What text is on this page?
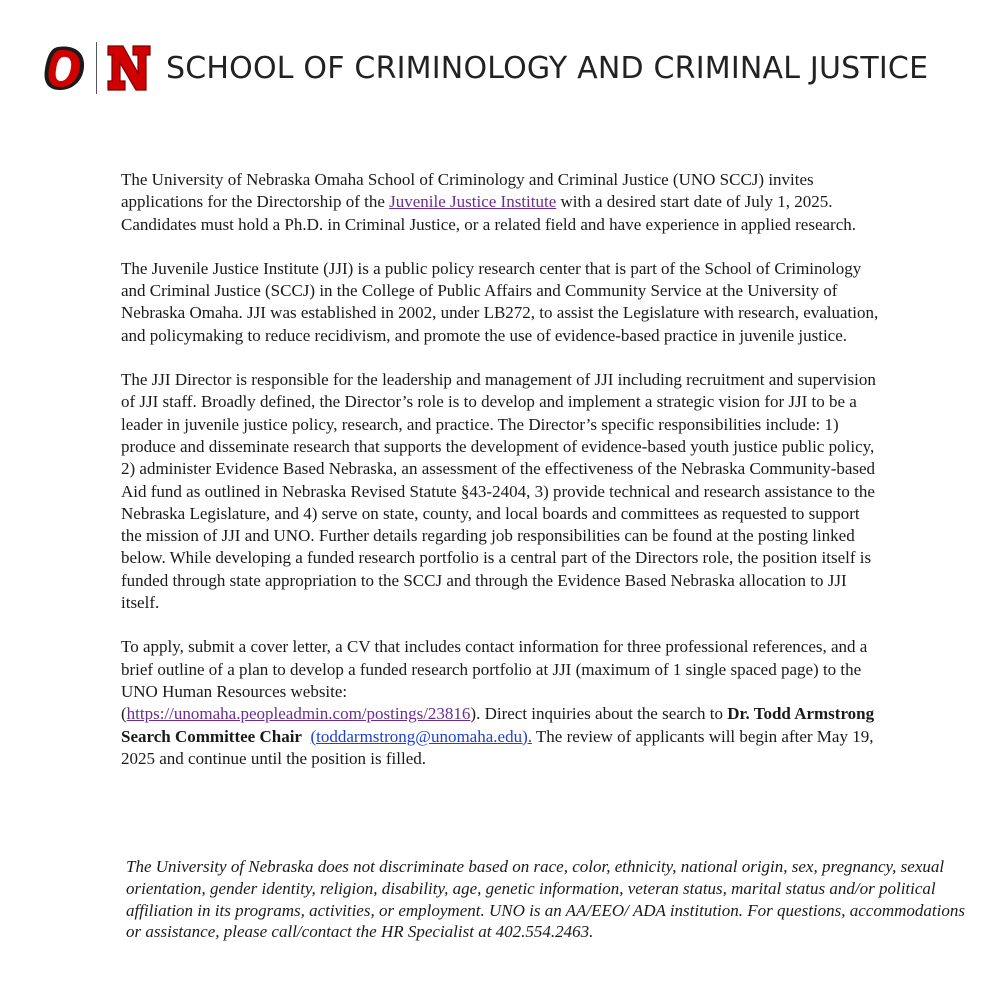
SCHOOL OF CRIMINOLOGY AND CRIMINAL JUSTICE

The University of Nebraska Omaha School of Criminology and Criminal Justice (UNO SCCJ) invites applications for the Directorship of the Juvenile Justice Institute with a desired start date of July 1, 2025. Candidates must hold a Ph.D. in Criminal Justice, or a related field and have experience in applied research.

The Juvenile Justice Institute (JJI) is a public policy research center that is part of the School of Criminology and Criminal Justice (SCCJ) in the College of Public Affairs and Community Service at the University of Nebraska Omaha. JJI was established in 2002, under LB272, to assist the Legislature with research, evaluation, and policymaking to reduce recidivism, and promote the use of evidence-based practice in juvenile justice.

The JJI Director is responsible for the leadership and management of JJI including recruitment and supervision of JJI staff. Broadly defined, the Director’s role is to develop and implement a strategic vision for JJI to be a leader in juvenile justice policy, research, and practice. The Director’s specific responsibilities include: 1) produce and disseminate research that supports the development of evidence-based youth justice public policy, 2) administer Evidence Based Nebraska, an assessment of the effectiveness of the Nebraska Community-based Aid fund as outlined in Nebraska Revised Statute §43-2404, 3) provide technical and research assistance to the Nebraska Legislature, and 4) serve on state, county, and local boards and committees as requested to support the mission of JJI and UNO. Further details regarding job responsibilities can be found at the posting linked below. While developing a funded research portfolio is a central part of the Directors role, the position itself is funded through state appropriation to the SCCJ and through the Evidence Based Nebraska allocation to JJI itself.

To apply, submit a cover letter, a CV that includes contact information for three professional references, and a brief outline of a plan to develop a funded research portfolio at JJI (maximum of 1 single spaced page) to the UNO Human Resources website:
(https://unomaha.peopleadmin.com/postings/23816). Direct inquiries about the search to Dr. Todd Armstrong Search Committee Chair (toddarmstrong@unomaha.edu). The review of applicants will begin after May 19, 2025 and continue until the position is filled.

The University of Nebraska does not discriminate based on race, color, ethnicity, national origin, sex, pregnancy, sexual orientation, gender identity, religion, disability, age, genetic information, veteran status, marital status and/or political affiliation in its programs, activities, or employment. UNO is an AA/EEO/ ADA institution. For questions, accommodations or assistance, please call/contact the HR Specialist at 402.554.2463.
